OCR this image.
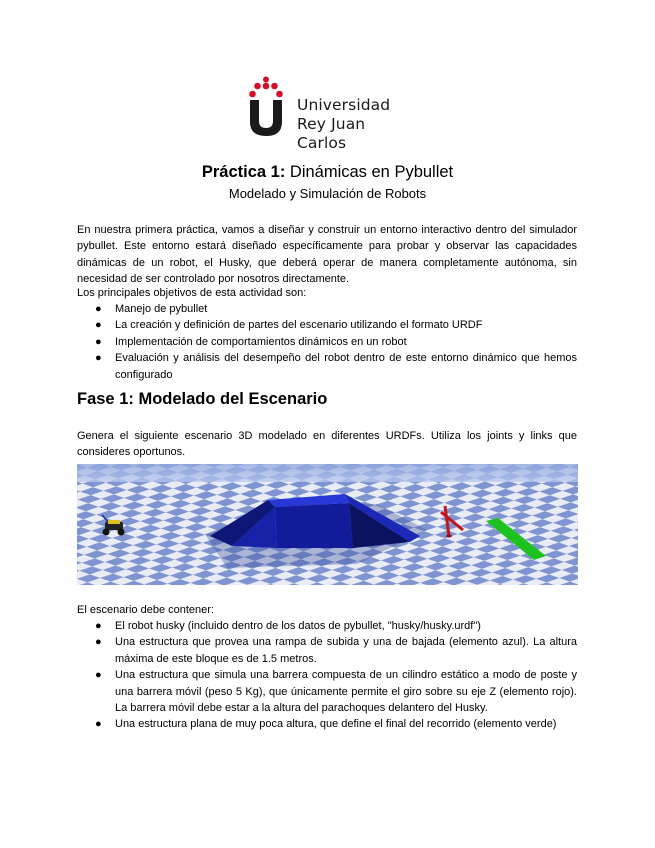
Universidad
Rey Juan Carlos
Práctica 1: Dinámicas en Pybullet
Modelado y Simulación de Robots

En nuestra primera práctica, vamos a diseñar y construir un entorno interactivo dentro del simulador pybullet. Este entorno estará diseñado específicamente para probar y observar las capacidades dinámicas de un robot, el Husky, que deberá operar de manera completamente autónoma, sin necesidad de ser controlado por nosotros directamente.

Los principales objetivos de esta actividad son:

● Manejo de pybullet
● La creación y definición de partes del escenario utilizando el formato URDF
● Implementación de comportamientos dinámicos en un robot
● Evaluación y análisis del desempeño del robot dentro de este entorno dinámico que hemos configurado
Fase 1: Modelado del Escenario

Genera el siguiente escenario 3D modelado en diferentes URDFs. Utiliza los joints y links que consideres oportunos.

El escenario debe contener:

● El robot husky (incluido dentro de los datos de pybullet, "husky/husky.urdf")
● Una estructura que provea una rampa de subida y una de bajada (elemento azul). La altura máxima de este bloque es de 1.5 metros.
● Una estructura que simula una barrera compuesta de un cilindro estático a modo de poste y una barrera móvil (peso 5 Kg), que únicamente permite el giro sobre su eje Z (elemento rojo). La barrera móvil debe estar a la altura del parachoques delantero del Husky.
● Una estructura plana de muy poca altura, que define el final del recorrido (elemento verde)
